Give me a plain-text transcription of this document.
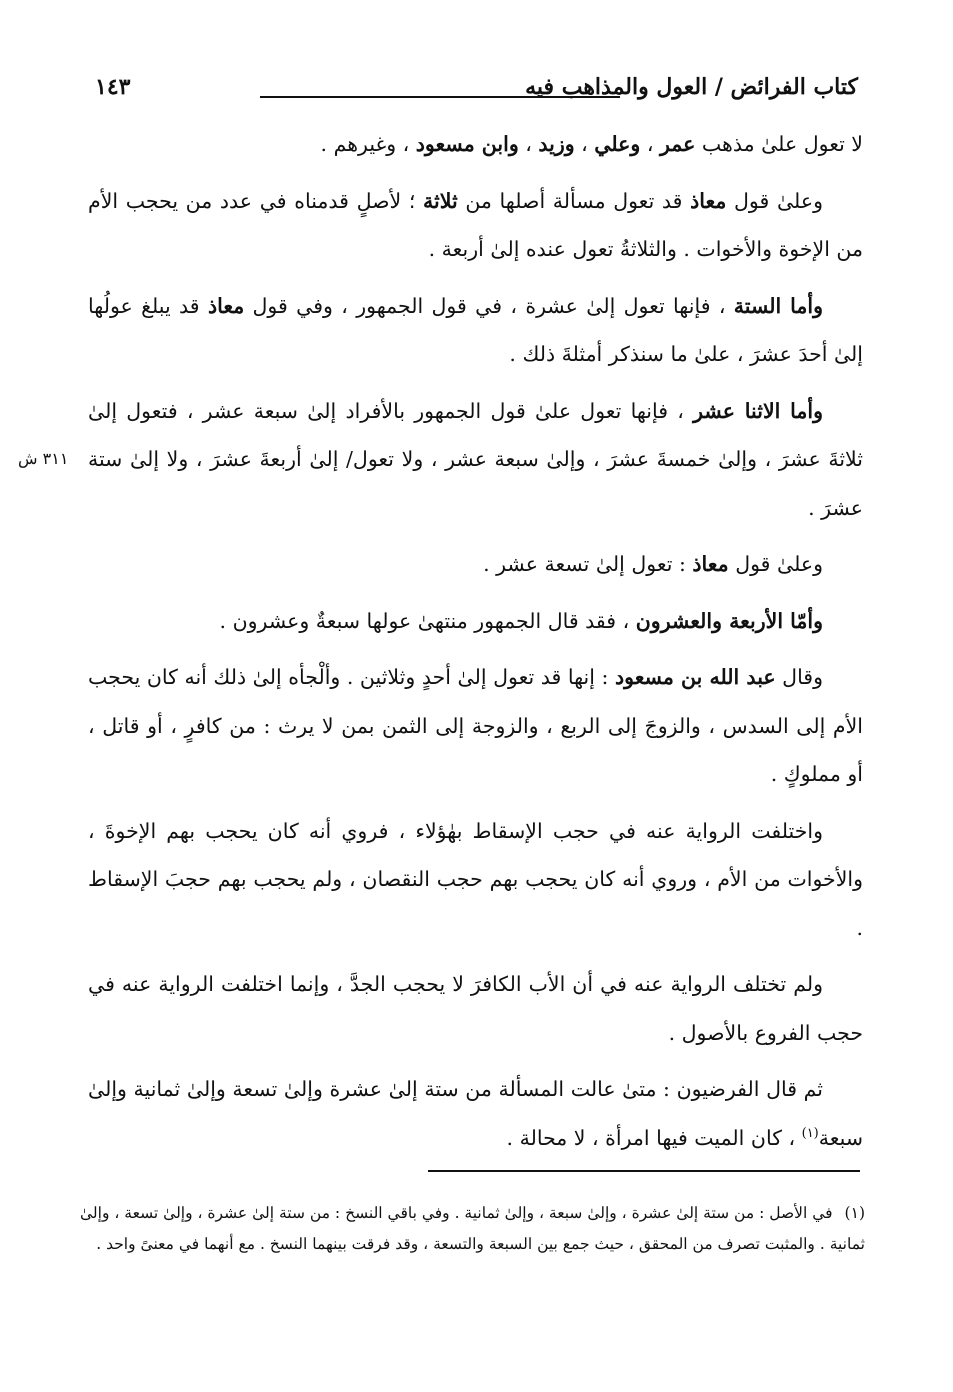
كتاب الفرائض / العول والمذاهب فيه
١٤٣
٣١١ ش

لا تعول علىٰ مذهب عمر ، وعلي ، وزيد ، وابن مسعود ، وغيرهم .

وعلىٰ قول معاذ قد تعول مسألة أصلها من ثلاثة ؛ لأصلٍ قدمناه في عدد من يحجب الأم من الإخوة والأخوات . والثلاثةُ تعول عنده إلىٰ أربعة .

وأما الستة ، فإنها تعول إلىٰ عشرة ، في قول الجمهور ، وفي قول معاذ قد يبلغ عولُها إلىٰ أحدَ عشرَ ، علىٰ ما سنذكر أمثلةَ ذلك .

وأما الاثنا عشر ، فإنها تعول علىٰ قول الجمهور بالأفراد إلىٰ سبعة عشر ، فتعول إلىٰ ثلاثةَ عشرَ ، وإلىٰ خمسةَ عشرَ ، وإلىٰ سبعة عشر ، ولا تعول/ إلىٰ أربعةَ عشرَ ، ولا إلىٰ ستة عشرَ .

وعلىٰ قول معاذ : تعول إلىٰ تسعة عشر .

وأمّا الأربعة والعشرون ، فقد قال الجمهور منتهىٰ عولها سبعةٌ وعشرون .

وقال عبد الله بن مسعود : إنها قد تعول إلىٰ أحدٍ وثلاثين . وألْجأه إلىٰ ذلك أنه كان يحجب الأم إلى السدس ، والزوجَ إلى الربع ، والزوجة إلى الثمن بمن لا يرث : من كافرٍ ، أو قاتل ، أو مملوكٍ .

واختلفت الرواية عنه في حجب الإسقاط بهٰؤلاء ، فروي أنه كان يحجب بهم الإخوةَ ، والأخوات من الأم ، وروي أنه كان يحجب بهم حجب النقصان ، ولم يحجب بهم حجبَ الإسقاط .

ولم تختلف الرواية عنه في أن الأب الكافرَ لا يحجب الجدَّ ، وإنما اختلفت الرواية عنه في حجب الفروع بالأصول .

ثم قال الفرضيون : متىٰ عالت المسألة من ستة إلىٰ عشرة وإلىٰ تسعة وإلىٰ ثمانية وإلىٰ سبعة$^{(١)}$ ، كان الميت فيها امرأة ، لا محالة .

(١)في الأصل : من ستة إلىٰ عشرة ، وإلىٰ سبعة ، وإلىٰ ثمانية . وفي باقي النسخ : من ستة إلىٰ عشرة ، وإلىٰ تسعة ، وإلىٰ ثمانية . والمثبت تصرف من المحقق ، حيث جمع بين السبعة والتسعة ، وقد فرقت بينهما النسخ . مع أنهما في معنىً واحد .
